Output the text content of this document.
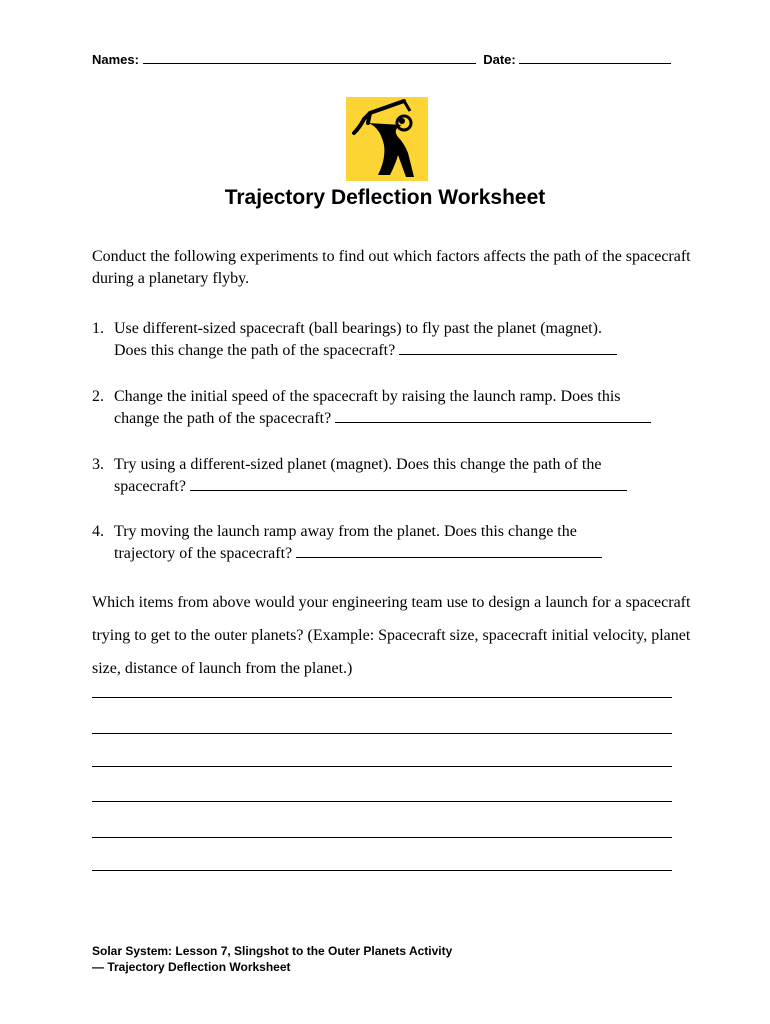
Names:	Date:
Trajectory Deflection Worksheet
Conduct the following experiments to find out which factors affects the path of the spacecraft during a planetary flyby.
1. Use different-sized spacecraft (ball bearings) to fly past the planet (magnet).
Does this change the path of the spacecraft?
2. Change the initial speed of the spacecraft by raising the launch ramp. Does this
change the path of the spacecraft?
3. Try using a different-sized planet (magnet). Does this change the path of the
spacecraft?
4. Try moving the launch ramp away from the planet. Does this change the
trajectory of the spacecraft?
Which items from above would your engineering team use to design a launch for a spacecraft trying to get to the outer planets? (Example: Spacecraft size, spacecraft initial velocity, planet size, distance of launch from the planet.)
Solar System: Lesson 7, Slingshot to the Outer Planets Activity
— Trajectory Deflection Worksheet
